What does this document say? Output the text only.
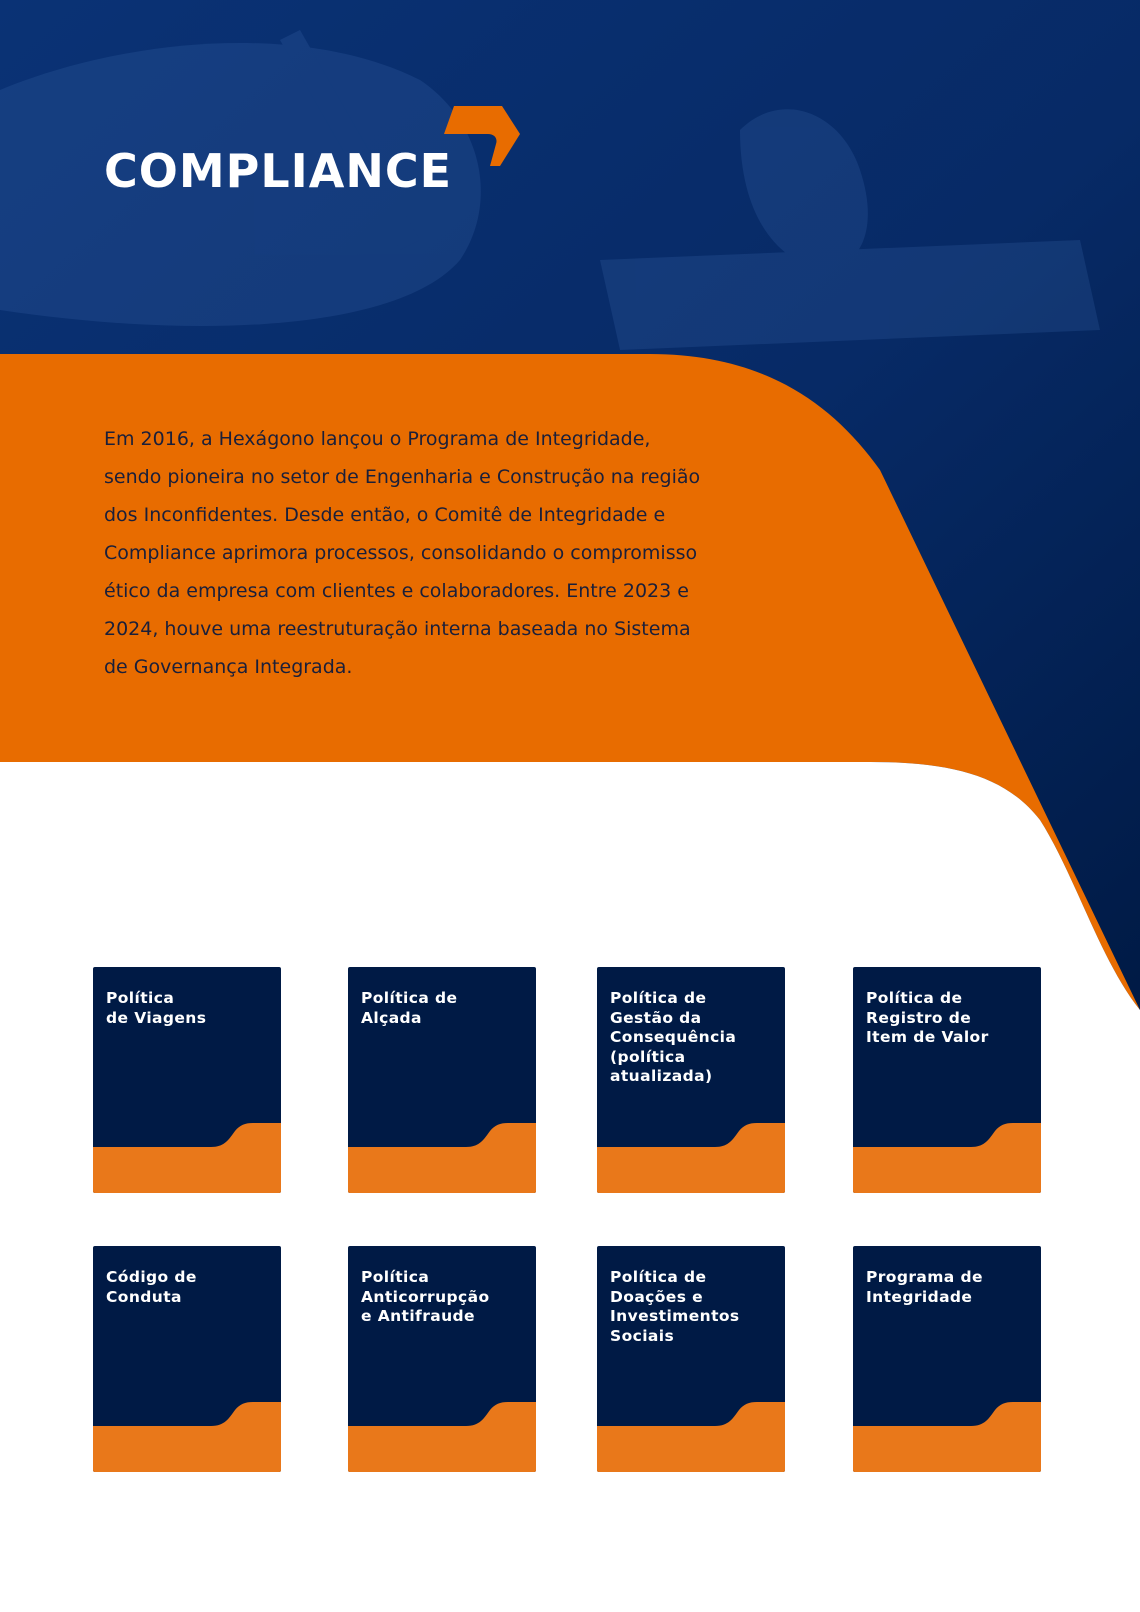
COMPLIANCE
Em 2016, a Hexágono lançou o Programa de Integridade,
sendo pioneira no setor de Engenharia e Construção na região
dos Inconfidentes. Desde então, o Comitê de Integridade e
Compliance aprimora processos, consolidando o compromisso
ético da empresa com clientes e colaboradores. Entre 2023 e
2024, houve uma reestruturação interna baseada no Sistema
de Governança Integrada.
Política
de Viagens
Política de
Alçada
Política de
Gestão da
Consequência
(política
atualizada)
Política de
Registro de
Item de Valor
Código de
Conduta
Política
Anticorrupção
e Antifraude
Política de
Doações e
Investimentos
Sociais
Programa de
Integridade
